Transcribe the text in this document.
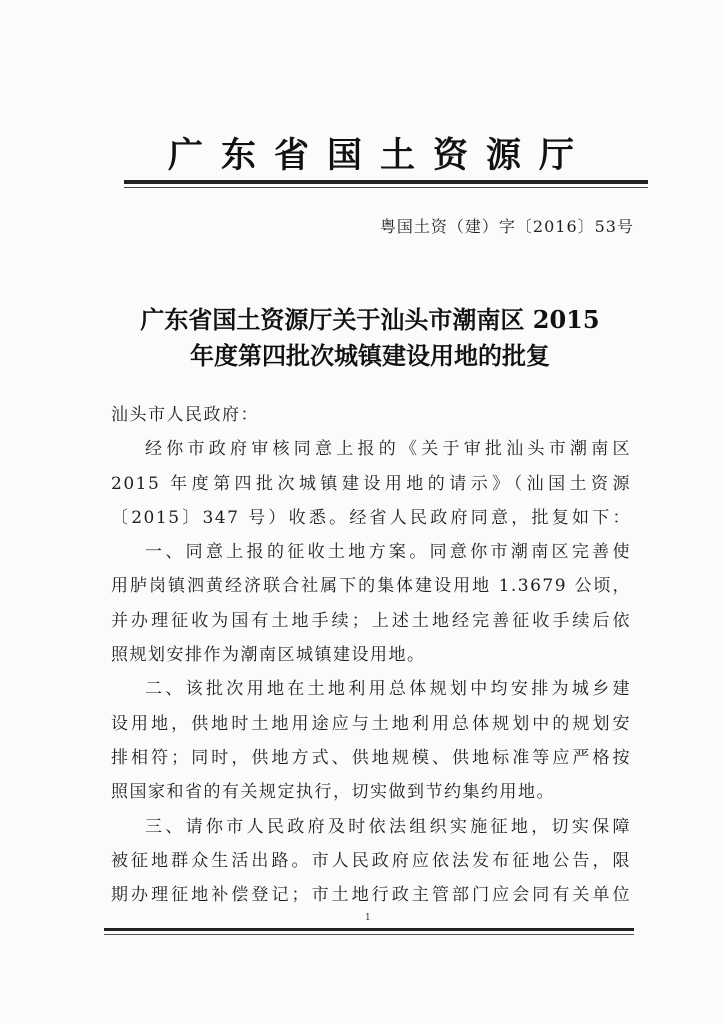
广东省国土资源厅
粤国土资（建）字〔2016〕53号
广东省国土资源厅关于汕头市潮南区 2015
年度第四批次城镇建设用地的批复

汕头市人民政府：

经你市政府审核同意上报的《关于审批汕头市潮南区

2015 年度第四批次城镇建设用地的请示》（汕国土资源

〔2015〕347 号）收悉。经省人民政府同意，批复如下：

一、同意上报的征收土地方案。同意你市潮南区完善使

用胪岗镇泗黄经济联合社属下的集体建设用地 1.3679 公顷，

并办理征收为国有土地手续；上述土地经完善征收手续后依

照规划安排作为潮南区城镇建设用地。

二、该批次用地在土地利用总体规划中均安排为城乡建

设用地，供地时土地用途应与土地利用总体规划中的规划安

排相符；同时，供地方式、供地规模、供地标准等应严格按

照国家和省的有关规定执行，切实做到节约集约用地。

三、请你市人民政府及时依法组织实施征地，切实保障

被征地群众生活出路。市人民政府应依法发布征地公告，限

期办理征地补偿登记；市土地行政主管部门应会同有关单位

1
